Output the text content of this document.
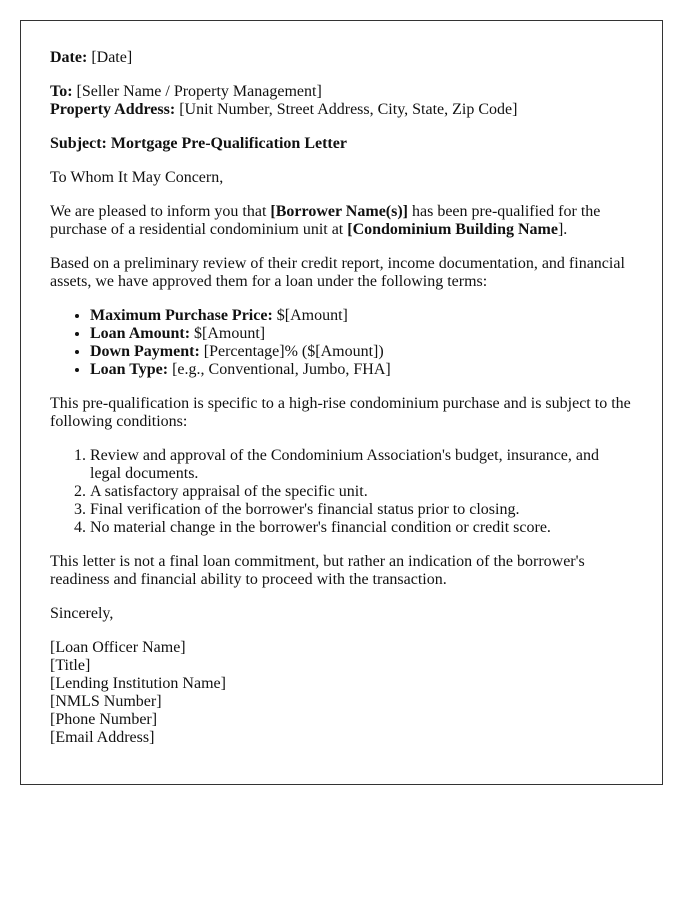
Date: [Date]

To: [Seller Name / Property Management]

Property Address: [Unit Number, Street Address, City, State, Zip Code]

Subject: Mortgage Pre-Qualification Letter

To Whom It May Concern,

We are pleased to inform you that [Borrower Name(s)] has been pre-qualified for the purchase of a residential condominium unit at [Condominium Building Name].

Based on a preliminary review of their credit report, income documentation, and financial assets, we have approved them for a loan under the following terms:

• Maximum Purchase Price: $[Amount]
• Loan Amount: $[Amount]
• Down Payment: [Percentage]% ($[Amount])
• Loan Type: [e.g., Conventional, Jumbo, FHA]

This pre-qualification is specific to a high-rise condominium purchase and is subject to the following conditions:

1. Review and approval of the Condominium Association's budget, insurance, and legal documents.
2. A satisfactory appraisal of the specific unit.
3. Final verification of the borrower's financial status prior to closing.
4. No material change in the borrower's financial condition or credit score.

This letter is not a final loan commitment, but rather an indication of the borrower's readiness and financial ability to proceed with the transaction.

Sincerely,

[Loan Officer Name]
[Title]
[Lending Institution Name]
[NMLS Number]
[Phone Number]
[Email Address]
